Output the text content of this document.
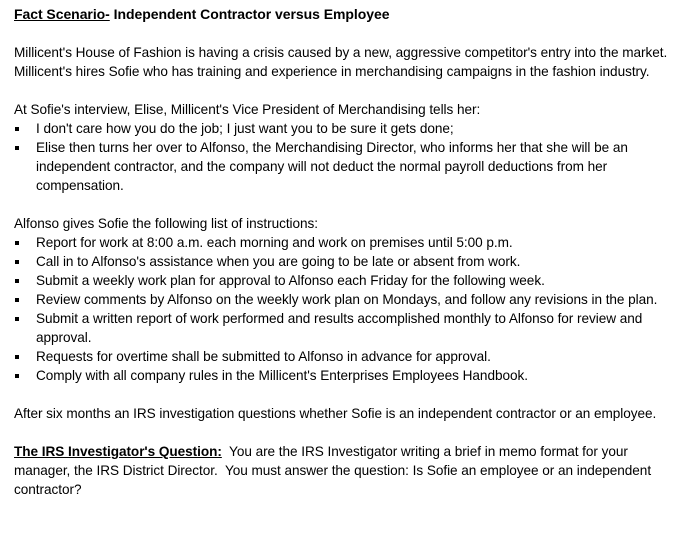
Fact Scenario- Independent Contractor versus Employee

Millicent's House of Fashion is having a crisis caused by a new, aggressive competitor's entry into the market. Millicent's hires Sofie who has training and experience in merchandising campaigns in the fashion industry.

At Sofie's interview, Elise, Millicent's Vice President of Merchandising tells her:

I don't care how you do the job; I just want you to be sure it gets done;
Elise then turns her over to Alfonso, the Merchandising Director, who informs her that she will be an independent contractor, and the company will not deduct the normal payroll deductions from her compensation.

Alfonso gives Sofie the following list of instructions:

Report for work at 8:00 a.m. each morning and work on premises until 5:00 p.m.
Call in to Alfonso's assistance when you are going to be late or absent from work.
Submit a weekly work plan for approval to Alfonso each Friday for the following week.
Review comments by Alfonso on the weekly work plan on Mondays, and follow any revisions in the plan.
Submit a written report of work performed and results accomplished monthly to Alfonso for review and approval.
Requests for overtime shall be submitted to Alfonso in advance for approval.
Comply with all company rules in the Millicent's Enterprises Employees Handbook.

After six months an IRS investigation questions whether Sofie is an independent contractor or an employee.

The IRS Investigator's Question:  You are the IRS Investigator writing a brief in memo format for your manager, the IRS District Director.  You must answer the question: Is Sofie an employee or an independent contractor?
